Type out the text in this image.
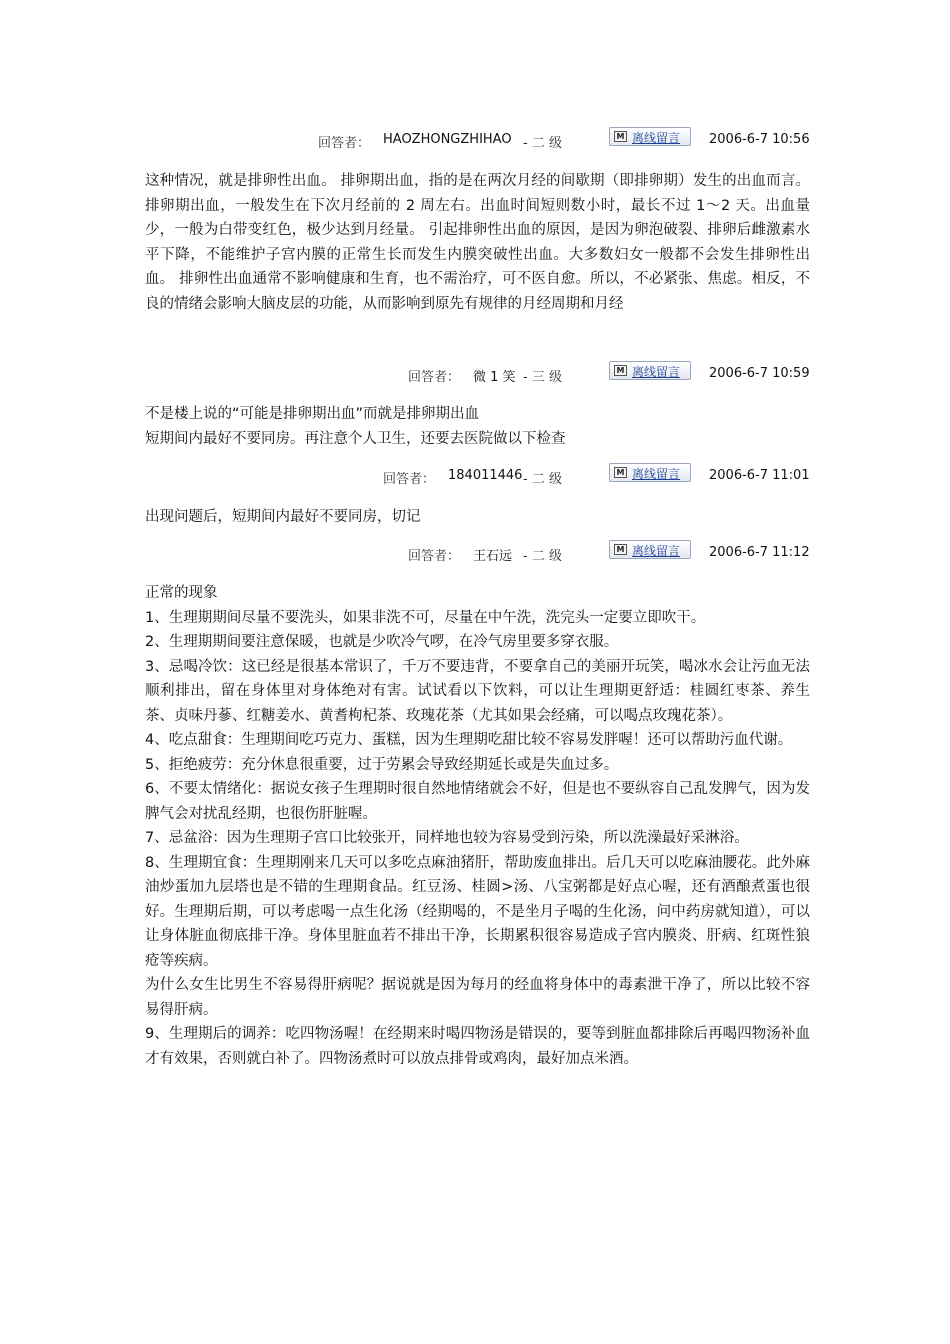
回答者： HAOZHONGZHIHAO - 二 级	M 离线留言 2006-6-7 10:56

这种情况，就是排卵性出血。 排卵期出血，指的是在两次月经的间歇期（即排卵期）发生的出血而言。排卵期出血，一般发生在下次月经前的 2 周左右。出血时间短则数小时，最长不过 1～2 天。出血量少，一般为白带变红色，极少达到月经量。 引起排卵性出血的原因，是因为卵泡破裂、排卵后雌激素水平下降，不能维护子宫内膜的正常生长而发生内膜突破性出血。大多数妇女一般都不会发生排卵性出血。 排卵性出血通常不影响健康和生育，也不需治疗，可不医自愈。所以，不必紧张、焦虑。相反，不良的情绪会影响大脑皮层的功能，从而影响到原先有规律的月经周期和月经

回答者： 微 1 笑 - 三 级	M 离线留言 2006-6-7 10:59

不是楼上说的“可能是排卵期出血”而就是排卵期出血

短期间内最好不要同房。再注意个人卫生，还要去医院做以下检查

回答者： 184011446 - 二 级	M 离线留言 2006-6-7 11:01

出现问题后，短期间内最好不要同房，切记

回答者： 王石远 - 二 级	M 离线留言 2006-6-7 11:12

正常的现象

1、生理期期间尽量不要洗头，如果非洗不可，尽量在中午洗，洗完头一定要立即吹干。

2、生理期期间要注意保暖，也就是少吹冷气啰，在冷气房里要多穿衣服。

3、忌喝冷饮：这已经是很基本常识了，千万不要违背，不要拿自己的美丽开玩笑，喝冰水会让污血无法顺利排出，留在身体里对身体绝对有害。试试看以下饮料，可以让生理期更舒适：桂圆红枣茶、养生茶、贞味丹蔘、红糖姜水、黄耆枸杞茶、玫瑰花茶（尤其如果会经痛，可以喝点玫瑰花茶）。

4、吃点甜食：生理期间吃巧克力、蛋糕，因为生理期吃甜比较不容易发胖喔！还可以帮助污血代谢。

5、拒绝疲劳：充分休息很重要，过于劳累会导致经期延长或是失血过多。

6、不要太情绪化：据说女孩子生理期时很自然地情绪就会不好，但是也不要纵容自己乱发脾气，因为发脾气会对扰乱经期，也很伤肝脏喔。

7、忌盆浴：因为生理期子宫口比较张开，同样地也较为容易受到污染，所以洗澡最好采淋浴。

8、生理期宜食：生理期刚来几天可以多吃点麻油猪肝，帮助废血排出。后几天可以吃麻油腰花。此外麻油炒蛋加九层塔也是不错的生理期食品。红豆汤、桂圆>汤、八宝粥都是好点心喔，还有酒酿煮蛋也很好。生理期后期，可以考虑喝一点生化汤（经期喝的，不是坐月子喝的生化汤，问中药房就知道），可以让身体脏血彻底排干净。身体里脏血若不排出干净，长期累积很容易造成子宫内膜炎、肝病、红斑性狼疮等疾病。

为什么女生比男生不容易得肝病呢？据说就是因为每月的经血将身体中的毒素泄干净了，所以比较不容易得肝病。

9、生理期后的调养：吃四物汤喔！在经期来时喝四物汤是错误的，要等到脏血都排除后再喝四物汤补血才有效果，否则就白补了。四物汤煮时可以放点排骨或鸡肉，最好加点米酒。
